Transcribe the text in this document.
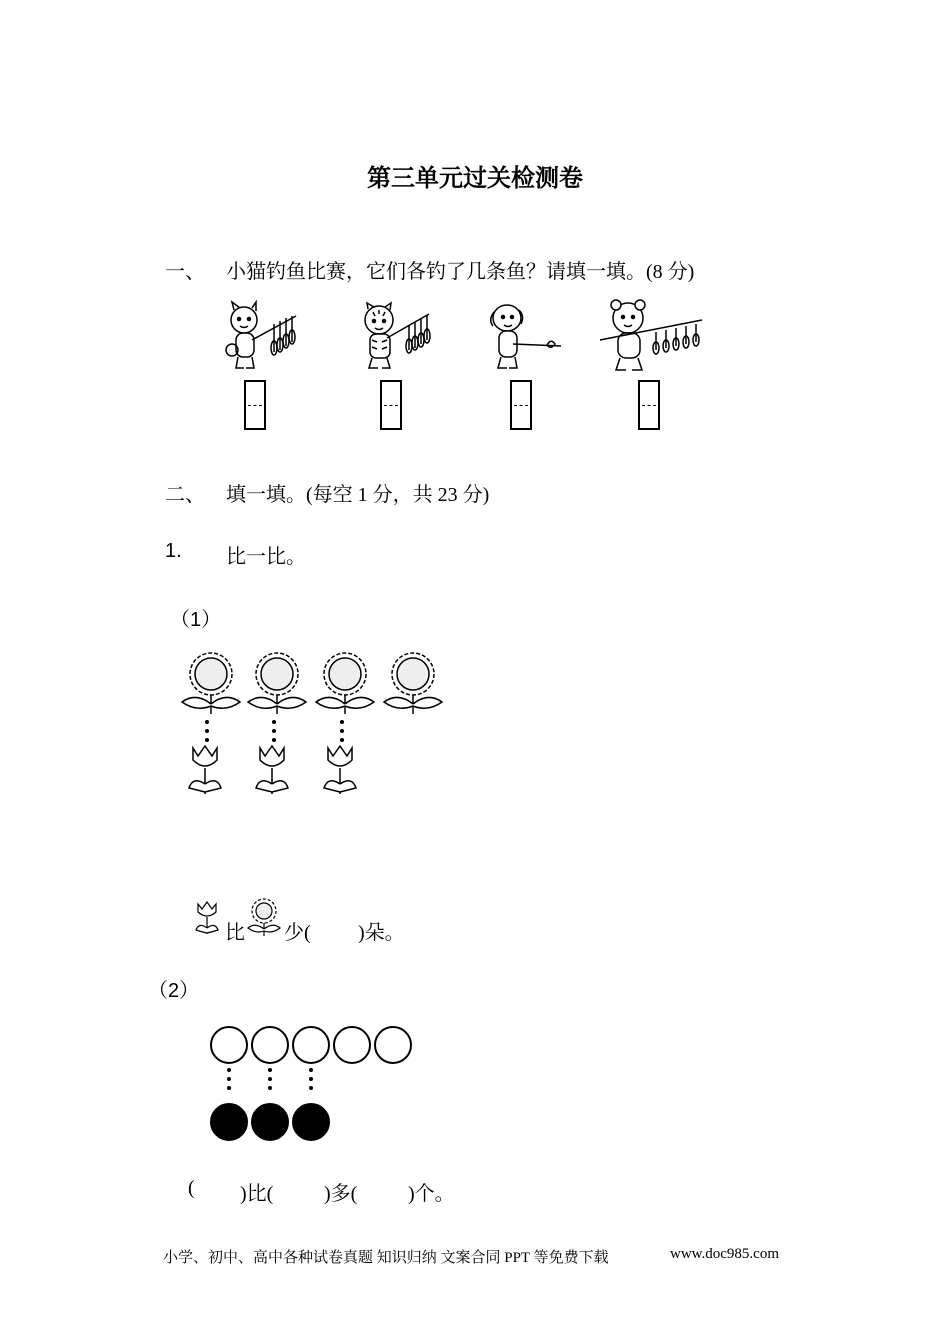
第三单元过关检测卷
一、 小猫钓鱼比赛，它们各钓了几条鱼？请填一填。(8 分)
二、 填一填。(每空 1 分，共 23 分)
1. 比一比。
（1）
比 少( )朵。
（2）
( )比(	)多(	)个。
小学、初中、高中各种试卷真题 知识归纳 文案合同 PPT 等免费下载	www.doc985.com
